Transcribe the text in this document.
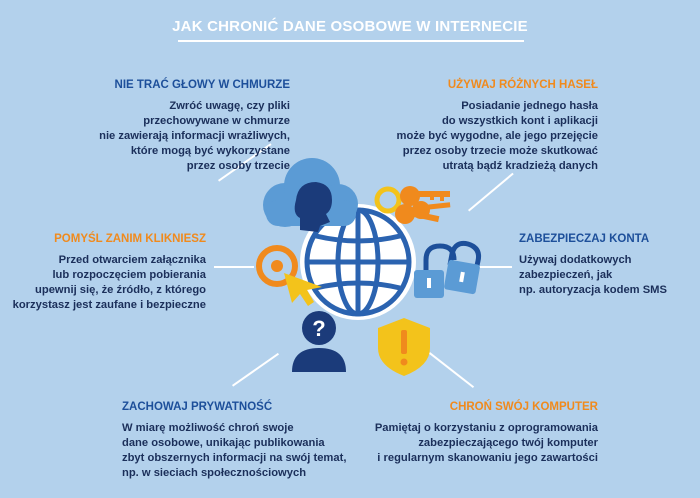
JAK CHRONIĆ DANE OSOBOWE W INTERNECIE
NIE TRAĆ GŁOWY W CHMURZE
Zwróć uwagę, czy pliki
przechowywane w chmurze
nie zawierają informacji wrażliwych,
które mogą być wykorzystane
przez osoby trzecie
UŻYWAJ RÓŻNYCH HASEŁ
Posiadanie jednego hasła
do wszystkich kont i aplikacji
może być wygodne, ale jego przejęcie
przez osoby trzecie może skutkować
utratą bądź kradzieżą danych
POMYŚL ZANIM KLIKNIESZ
Przed otwarciem załącznika
lub rozpoczęciem pobierania
upewnij się, że źródło, z którego
korzystasz jest zaufane i bezpieczne
ZABEZPIECZAJ KONTA
Używaj dodatkowych
zabezpieczeń, jak
np. autoryzacja kodem SMS
ZACHOWAJ PRYWATNOŚĆ
W miarę możliwość chroń swoje
dane osobowe, unikając publikowania
zbyt obszernych informacji na swój temat,
np. w sieciach społecznościowych
CHROŃ SWÓJ KOMPUTER
Pamiętaj o korzystaniu z oprogramowania
zabezpieczającego twój komputer
i regularnym skanowaniu jego zawartości
?
